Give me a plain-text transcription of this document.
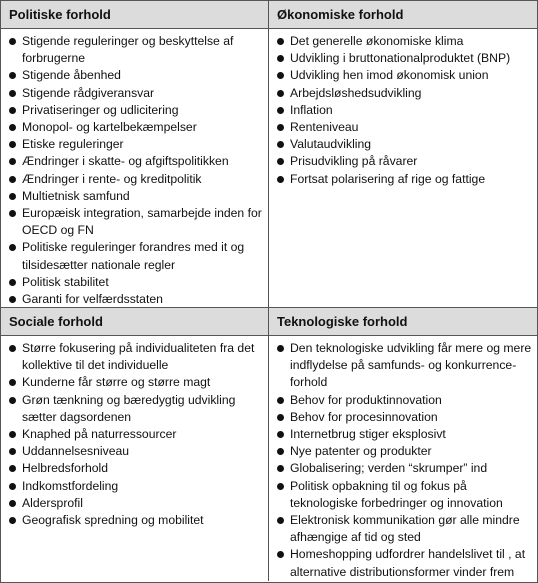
Politiske forhold	Økonomiske forhold
Sociale forhold	Teknologiske forhold
Stigende reguleringer og beskyttelse af forbrugerne
Stigende åbenhed
Stigende rådgiveransvar
Privatiseringer og udlicitering
Monopol- og kartelbekæmpelser
Etiske reguleringer
Ændringer i skatte- og afgiftspolitikken
Ændringer i rente- og kreditpolitik
Multietnisk samfund
Europæisk integration, samarbejde inden for OECD og FN
Politiske reguleringer forandres med it og tilsidesætter nationale regler
Politisk stabilitet
Garanti for velfærdsstaten
Det generelle økonomiske klima
Udvikling i bruttonationalproduktet (BNP)
Udvikling hen imod økonomisk union
Arbejdsløshedsudvikling
Inflation
Renteniveau
Valutaudvikling
Prisudvikling på råvarer
Fortsat polarisering af rige og fattige
Større fokusering på individualiteten fra det kollektive til det individuelle
Kunderne får større og større magt
Grøn tænkning og bæredygtig udvikling sætter dagsordenen
Knaphed på naturressourcer
Uddannelsesniveau
Helbredsforhold
Indkomstfordeling
Aldersprofil
Geografisk spredning og mobilitet
Den teknologiske udvikling får mere og mere indflydelse på samfunds- og konkurrence-forhold
Behov for produktinnovation
Behov for procesinnovation
Internetbrug stiger eksplosivt
Nye patenter og produkter
Globalisering; verden “skrumper” ind
Politisk opbakning til og fokus på teknologiske forbedringer og innovation
Elektronisk kommunikation gør alle mindre afhængige af tid og sted
Homeshopping udfordrer handelslivet til , at alternative distributionsformer vinder frem
